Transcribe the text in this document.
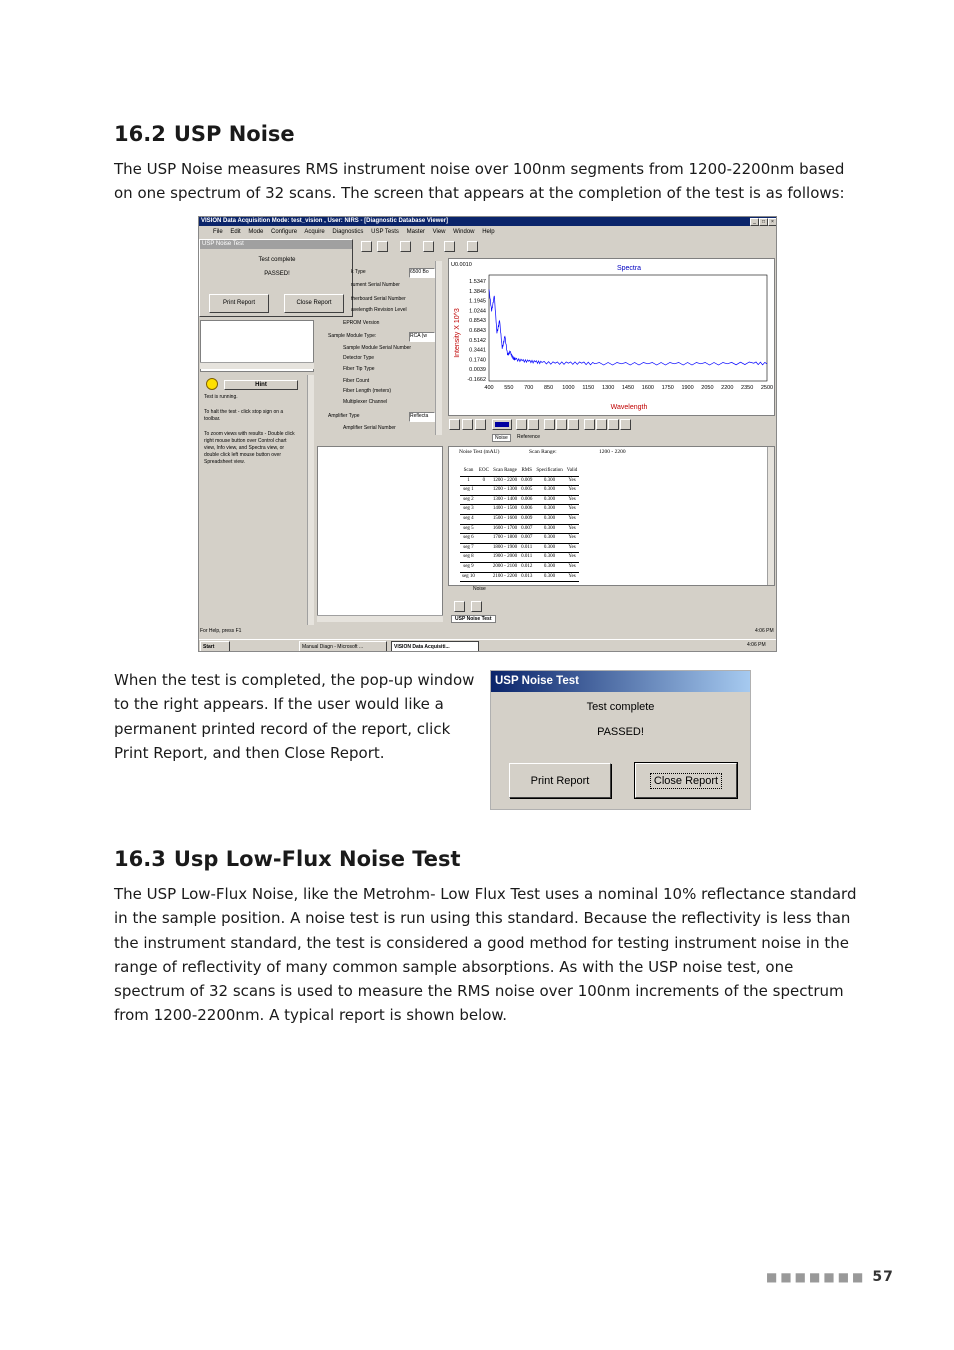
16.2 USP Noise

The USP Noise measures RMS instrument noise over 100nm segments from 1200-2200nm based on one spectrum of 32 scans. The screen that appears at the completion of the test is as follows:

VISION Data Acquisition Mode: test_vision , User: NIRS - [Diagnostic Database Viewer]	_	□	×
File Edit Mode Configure Acquire Diagnostics USP Tests Master View Window Help
USP Noise Test
Test complete
PASSED!
Print Report	Close Report
Hint
Test is running.
To halt the test - click stop sign on a toolbar.
To zoom views with results - Double click right mouse button over Control chart view, Info view, and Spectra view, or double click left mouse button over Spreadsheet view.
k Type	6500 Bo
rument Serial Number
therboard Serial Number
avelength Revision Level
EPROM Version
Sample Module Type:	RCA (w
Sample Module Serial Number
Detector Type
Fiber Tip Type
Fiber Count
Fiber Length (meters)
Multiplexer Channel
Amplifier Type	Reflecta
Amplifier Serial Number
Spectra
U0.0010
Intensity X 10^3
Wavelength
1.5347
1.3846
1.1945
1.0244
0.8543
0.6843
0.5142
0.3441
0.1740
0.0039
-0.1662
400 550 700 850 1000 1150 1300 1450 1600 1750 1900 2050 2200 2350 2500
Noise	Reference
Noise Test (mAU)	Scan Range:	1200 - 2200
Scan	EOC	Scan Range	RMS	Specification	Valid
1	0	1200 - 2200	0.009	0.300	Yes
seg 1		1200 - 1300	0.005	0.300	Yes
seg 2		1300 - 1400	0.006	0.300	Yes
seg 3		1400 - 1500	0.006	0.300	Yes
seg 4		1500 - 1600	0.009	0.300	Yes
seg 5		1600 - 1700	0.007	0.300	Yes
seg 6		1700 - 1800	0.007	0.300	Yes
seg 7		1800 - 1900	0.011	0.300	Yes
seg 8		1900 - 2000	0.011	0.300	Yes
seg 9		2000 - 2100	0.012	0.300	Yes
seg 10		2100 - 2200	0.013	0.300	Yes
Noise
USP Noise Test
For Help, press F1	4:06 PM
Start	Manual Diagn - Microsoft ...	VISION Data Acquisiti...	4:06 PM

When the test is completed, the pop-up window to the right appears. If the user would like a permanent printed record of the report, click Print Report, and then Close Report.

USP Noise Test
Test complete
PASSED!
Print Report	Close Report
16.3 Usp Low-Flux Noise Test

The USP Low-Flux Noise, like the Metrohm- Low Flux Test uses a nominal 10% reflectance standard in the sample position. A noise test is run using this standard. Because the reflectivity is less than the instrument standard, the test is considered a good method for testing instrument noise in the range of reflectivity of many common sample absorptions. As with the USP noise test, one spectrum of 32 scans is used to measure the RMS noise over 100nm increments of the spectrum from 1200-2200nm. A typical report is shown below.

■■■■■■■ 57
